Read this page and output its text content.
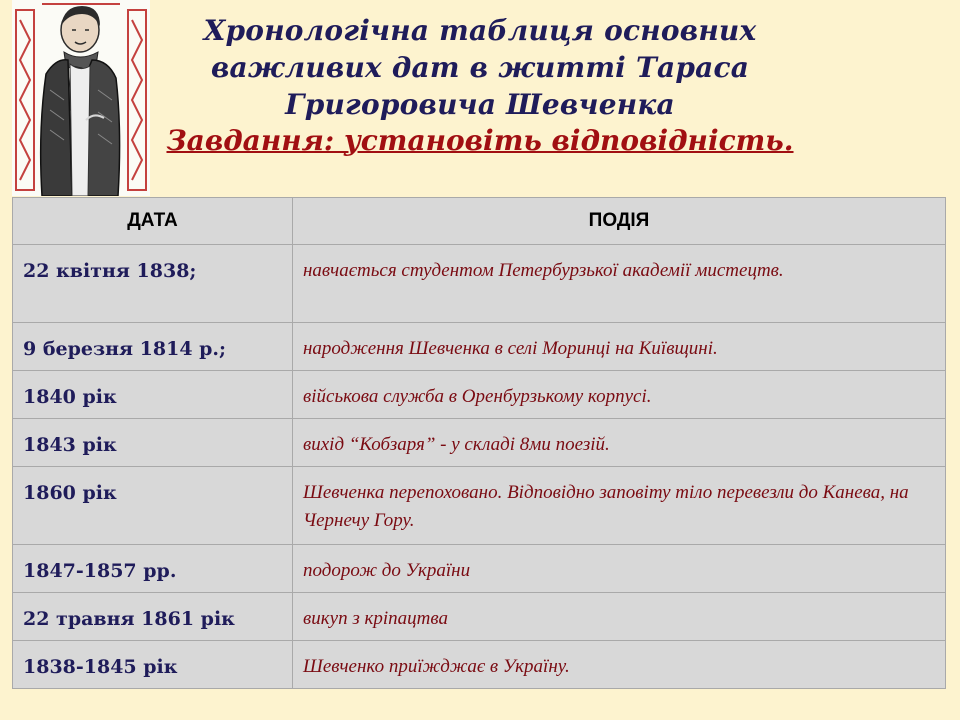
Хронологічна таблиця основних
важливих дат в житті Тараса
Григоровича Шевченка
Завдання: установіть відповідність.
ДАТА	ПОДІЯ
22 квітня 1838;	навчається студентом Петербурзької академії мистецтв.
9 березня 1814 р.;	народження Шевченка в селі Моринці на Київщині.
1840 рік	військова служба в Оренбурзькому корпусі.
1843 рік	вихід “Кобзаря” - у складі 8ми поезій.
1860 рік	Шевченка перепоховано. Відповідно заповіту тіло перевезли до Канева, на Чернечу Гору.
1847-1857 рр.	подорож до України
22 травня 1861 рік	викуп з кріпацтва
1838-1845 рік	Шевченко приїжджає в Україну.
